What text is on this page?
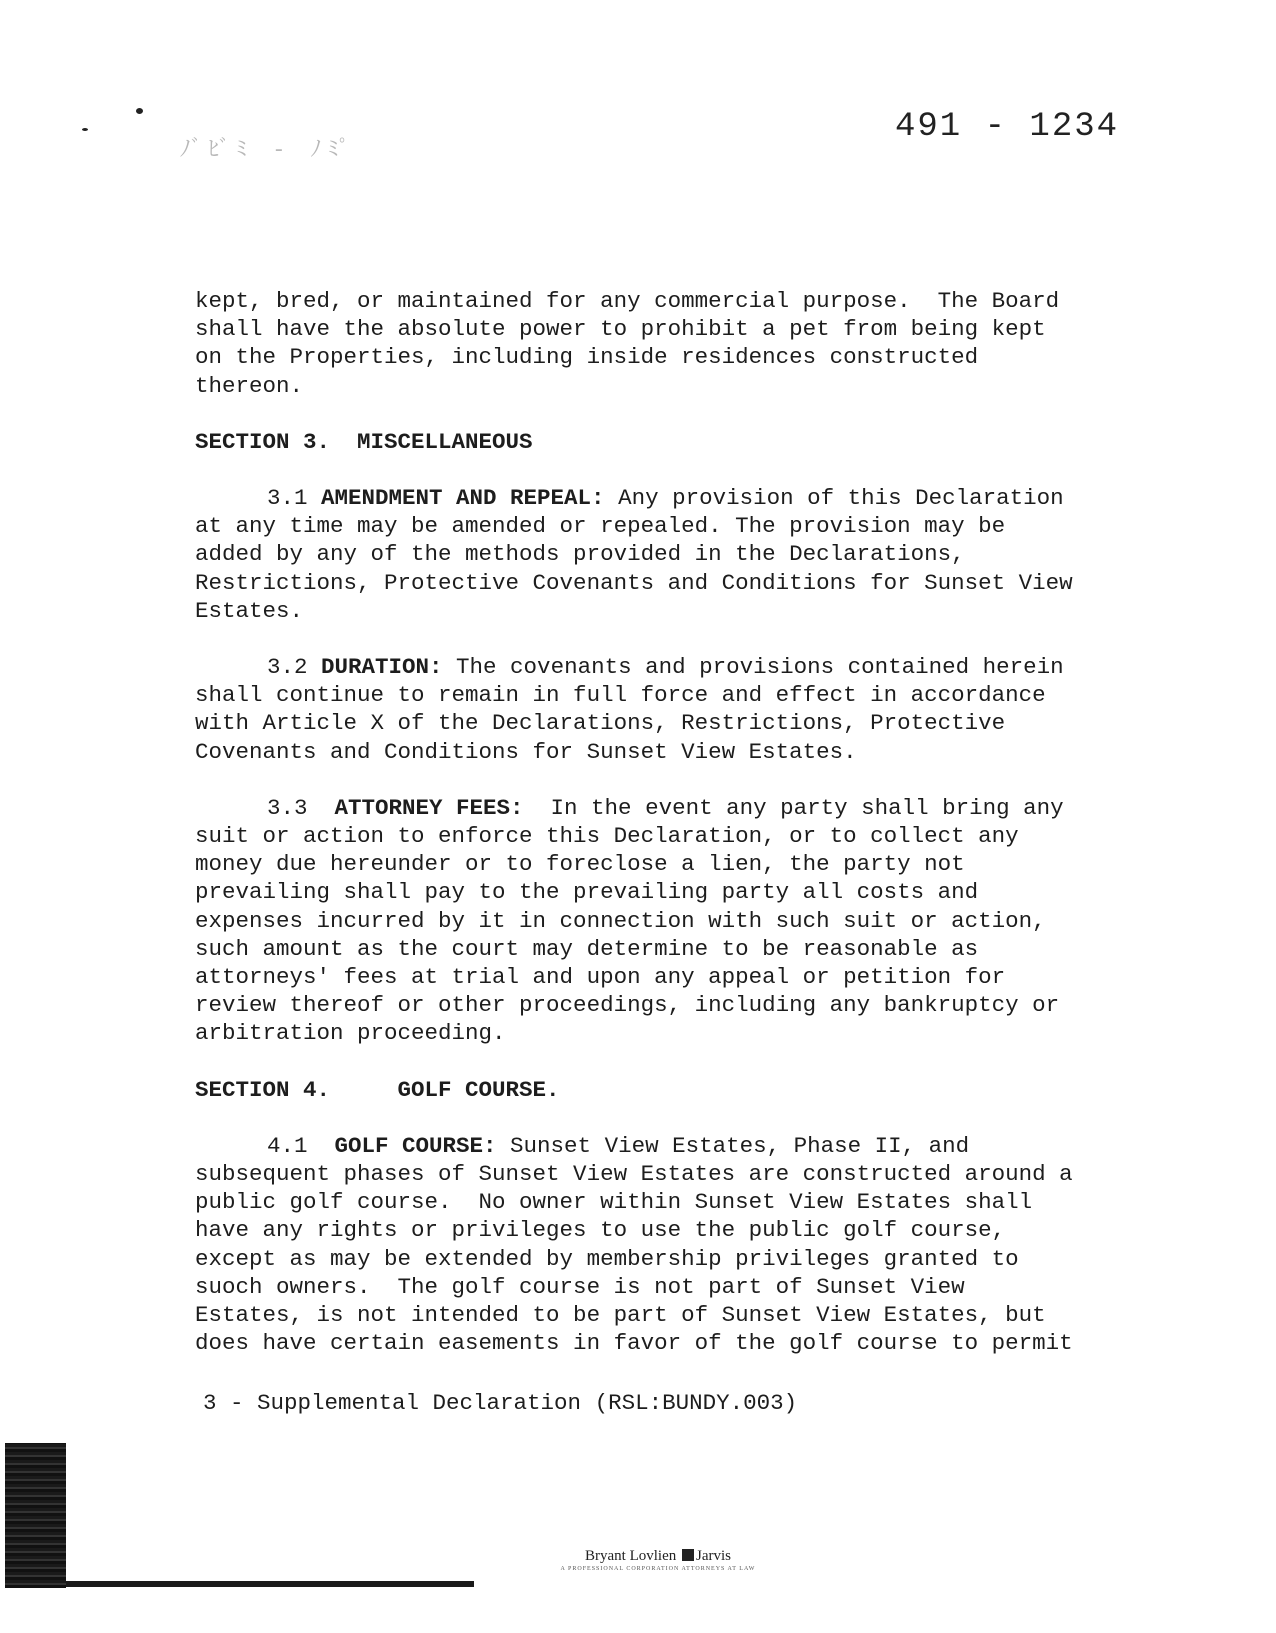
ﾉﾞﾋﾞﾐ - ﾉﾐﾟ
491 - 1234

kept, bred, or maintained for any commercial purpose.  The Board

shall have the absolute power to prohibit a pet from being kept

on the Properties, including inside residences constructed

thereon.

SECTION 3.  MISCELLANEOUS

3.1 AMENDMENT AND REPEAL: Any provision of this Declaration

at any time may be amended or repealed. The provision may be

added by any of the methods provided in the Declarations,

Restrictions, Protective Covenants and Conditions for Sunset View

Estates.

3.2 DURATION: The covenants and provisions contained herein

shall continue to remain in full force and effect in accordance

with Article X of the Declarations, Restrictions, Protective

Covenants and Conditions for Sunset View Estates.

3.3  ATTORNEY FEES:  In the event any party shall bring any

suit or action to enforce this Declaration, or to collect any

money due hereunder or to foreclose a lien, the party not

prevailing shall pay to the prevailing party all costs and

expenses incurred by it in connection with such suit or action,

such amount as the court may determine to be reasonable as

attorneys' fees at trial and upon any appeal or petition for

review thereof or other proceedings, including any bankruptcy or

arbitration proceeding.

SECTION 4.     GOLF COURSE.

4.1  GOLF COURSE: Sunset View Estates, Phase II, and

subsequent phases of Sunset View Estates are constructed around a

public golf course.  No owner within Sunset View Estates shall

have any rights or privileges to use the public golf course,

except as may be extended by membership privileges granted to

suoch owners.  The golf course is not part of Sunset View

Estates, is not intended to be part of Sunset View Estates, but

does have certain easements in favor of the golf course to permit

3 - Supplemental Declaration (RSL:BUNDY.003)
Bryant Lovlien Jarvis
A PROFESSIONAL CORPORATION ATTORNEYS AT LAW
